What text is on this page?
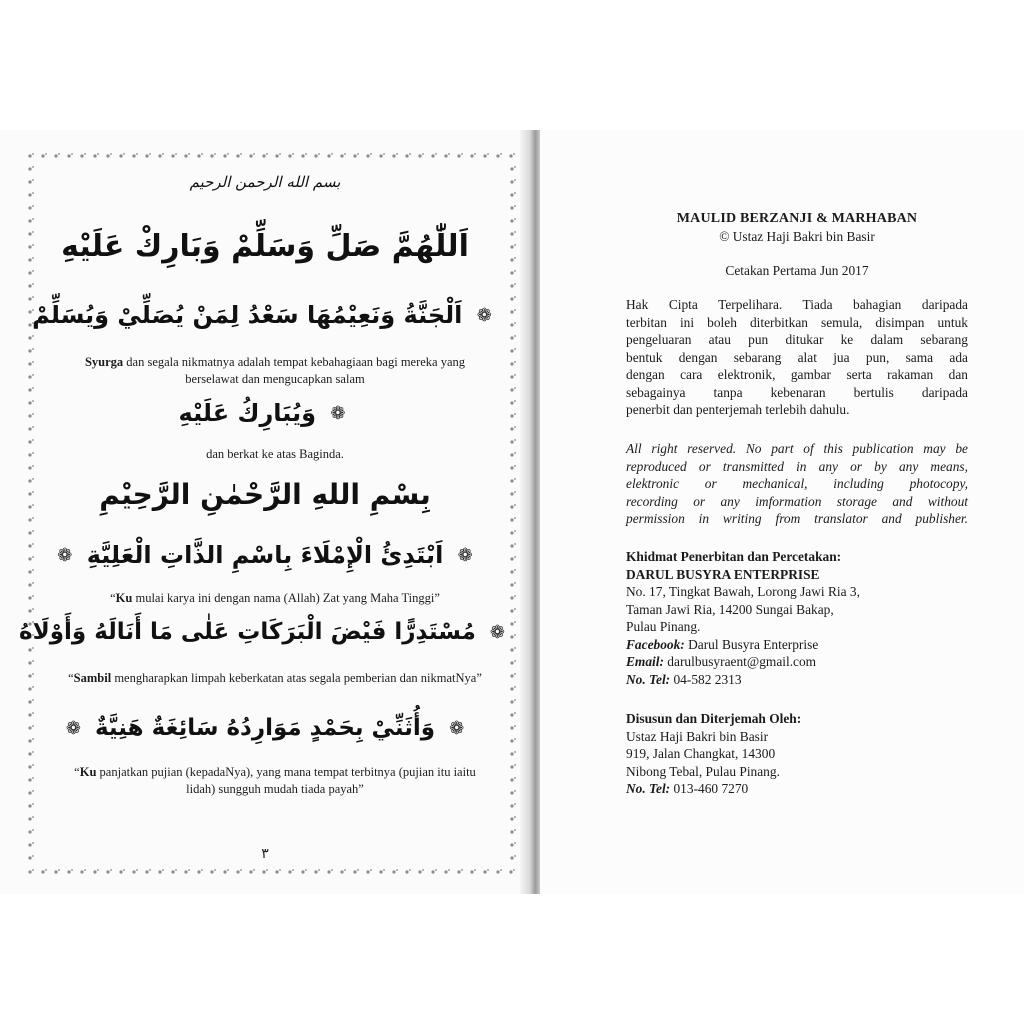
بسم الله الرحمن الرحيم
اَللّٰهُمَّ صَلِّ وَسَلِّمْ وَبَارِكْ عَلَيْهِ
❁ اَلْجَنَّةُ وَنَعِيْمُهَا سَعْدُ لِمَنْ يُصَلِّيْ وَيُسَلِّمْ
Syurga dan segala nikmatnya adalah tempat kebahagiaan bagi mereka yang berselawat dan mengucapkan salam
❁ وَيُبَارِكُ عَلَيْهِ
dan berkat ke atas Baginda.
بِسْمِ اللهِ الرَّحْمٰنِ الرَّحِيْمِ
❁ اَبْتَدِئُ الْإِمْلَاءَ بِاسْمِ الذَّاتِ الْعَلِيَّةِ ❁
“Ku mulai karya ini dengan nama (Allah) Zat yang Maha Tinggi”
❁ مُسْتَدِرًّا فَيْضَ الْبَرَكَاتِ عَلٰى مَا أَنَالَهُ وَأَوْلَاهُ
“Sambil mengharapkan limpah keberkatan atas segala pemberian dan nikmatNya”
❁ وَأُثَنِّيْ بِحَمْدٍ مَوَارِدُهُ سَائِغَةٌ هَنِيَّةٌ ❁
“Ku panjatkan pujian (kepadaNya), yang mana tempat terbitnya (pujian itu iaitu lidah) sungguh mudah tiada payah”
٣
MAULID BERZANJI & MARHABAN
© Ustaz Haji Bakri bin Basir
Cetakan Pertama Jun 2017
Hak Cipta Terpelihara. Tiada bahagian daripada
terbitan ini boleh diterbitkan semula, disimpan untuk
pengeluaran atau pun ditukar ke dalam sebarang
bentuk dengan sebarang alat jua pun, sama ada
dengan cara elektronik, gambar serta rakaman dan
sebagainya tanpa kebenaran bertulis daripada
penerbit dan penterjemah terlebih dahulu.
All right reserved. No part of this publication may be
reproduced or transmitted in any or by any means,
elektronic or mechanical, including photocopy,
recording or any imformation storage and without
permission in writing from translator and publisher.
Khidmat Penerbitan dan Percetakan:
DARUL BUSYRA ENTERPRISE
No. 17, Tingkat Bawah, Lorong Jawi Ria 3,
Taman Jawi Ria, 14200 Sungai Bakap,
Pulau Pinang.
Facebook: Darul Busyra Enterprise
Email: darulbusyraent@gmail.com
No. Tel: 04-582 2313
Disusun dan Diterjemah Oleh:
Ustaz Haji Bakri bin Basir
919, Jalan Changkat, 14300
Nibong Tebal, Pulau Pinang.
No. Tel: 013-460 7270
